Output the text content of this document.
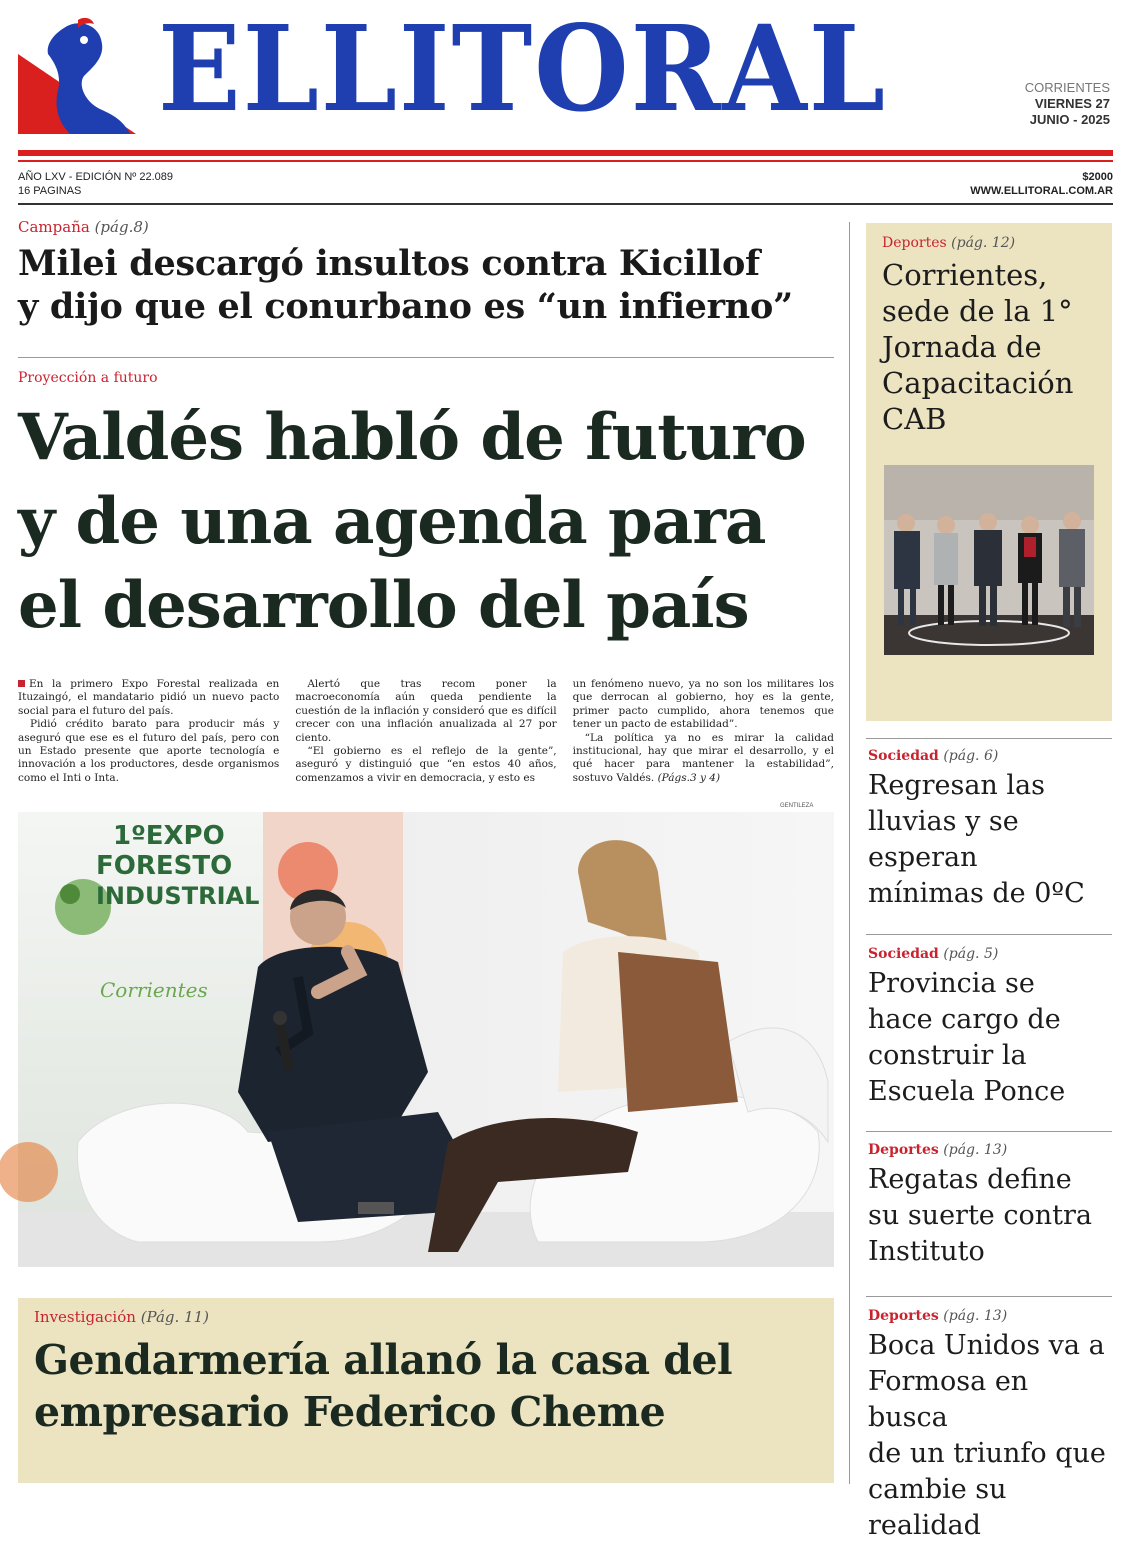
ELLITORAL	CORRIENTES
VIERNES 27
JUNIO - 2025
AÑO LXV - EDICIÓN Nº 22.089
16 PAGINAS
$2000
WWW.ELLITORAL.COM.AR
Campaña (pág.8)
Milei descargó insultos contra Kicillof
y dijo que el conurbano es “un infierno”
Proyección a futuro
Valdés habló de futuro
y de una agenda para
el desarrollo del país

En la primero Expo Forestal realizada en Ituzaingó, el mandatario pidió un nuevo pacto social para el futuro del país.

Pidió crédito barato para producir más y aseguró que ese es el futuro del país, pero con un Estado presente que aporte tecnología e innovación a los productores, desde organismos como el Inti o Inta.

Alertó que tras recom poner la macroeconomía aún queda pendiente la cuestión de la inflación y consideró que es difícil crecer con una inflación anualizada al 27 por ciento.

“El gobierno es el reflejo de la gente”, aseguró y distinguió que “en estos 40 años, comenzamos a vivir en democracia, y esto es

un fenómeno nuevo, ya no son los militares los que derrocan al gobierno, hoy es la gente, primer pacto cumplido, ahora tenemos que tener un pacto de estabilidad”.

“La política ya no es mirar la calidad institucional, hay que mirar el desarrollo, y el qué hacer para mantener la estabilidad”, sostuvo Valdés. (Págs.3 y 4)

GENTILEZA
1ºEXPO
FORESTO
INDUSTRIAL
Corrientes
Investigación (Pág. 11)
Gendarmería allanó la casa del
empresario Federico Cheme
Deportes (pág. 12)
Corrientes,
sede de la 1°
Jornada de
Capacitación
CAB
Sociedad (pág. 6)
Regresan las
lluvias y se
esperan
mínimas de 0ºC
Sociedad (pág. 5)
Provincia se
hace cargo de
construir la
Escuela Ponce
Deportes (pág. 13)
Regatas define
su suerte contra
Instituto
Deportes (pág. 13)
Boca Unidos va a
Formosa en busca
de un triunfo que
cambie su realidad
